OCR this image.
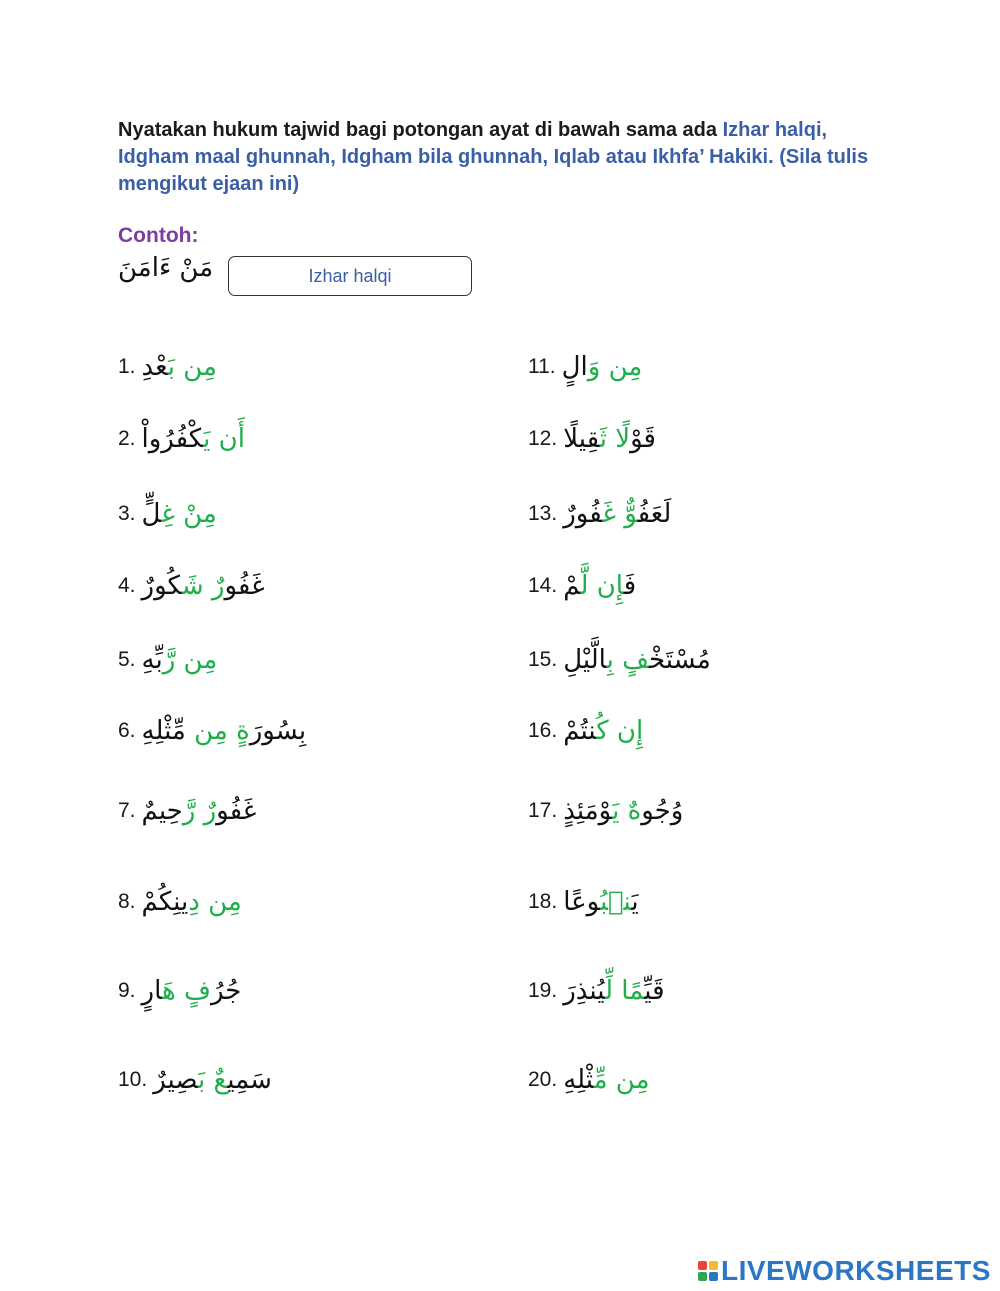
Nyatakan hukum tajwid bagi potongan ayat di bawah sama ada Izhar halqi, Idgham maal ghunnah, Idgham bila ghunnah, Iqlab atau Ikhfa’ Hakiki. (Sila tulis mengikut ejaan ini)
Contoh:
مَنْ ءَامَنَ	Izhar halqi
1.	مِن بَعْدِ
2.	أَن يَكْفُرُواْ
3. مِنْ غِلٍّ
4.	غَفُورٌ شَكُورٌ
5.	مِن رَّبِّهِ
6.	بِسُورَةٍ مِن مِّثْلِهِ
7.	غَفُورٌ رَّحِيمٌ
8.	مِن دِينِكُمْ
9.	جُرُفٍ هَارٍ
10.	سَمِيعٌ بَصِيرٌ
11.	مِن وَالٍ
12.	قَوْلًا ثَقِيلًا
13.	لَعَفُوٌّ غَفُورٌ
14.	فَإِن لَّمْ
15.	مُسْتَخْفٍ بِالَّيْلِ
16.	إِن كُنتُمْ
17.	وُجُوهٌ يَوْمَئِذٍ
18.	يَنۢبُوعًا
19.	قَيِّمًا لِّيُنذِرَ
20.	مِن مِّثْلِهِ
LIVEWORKSHEETS
